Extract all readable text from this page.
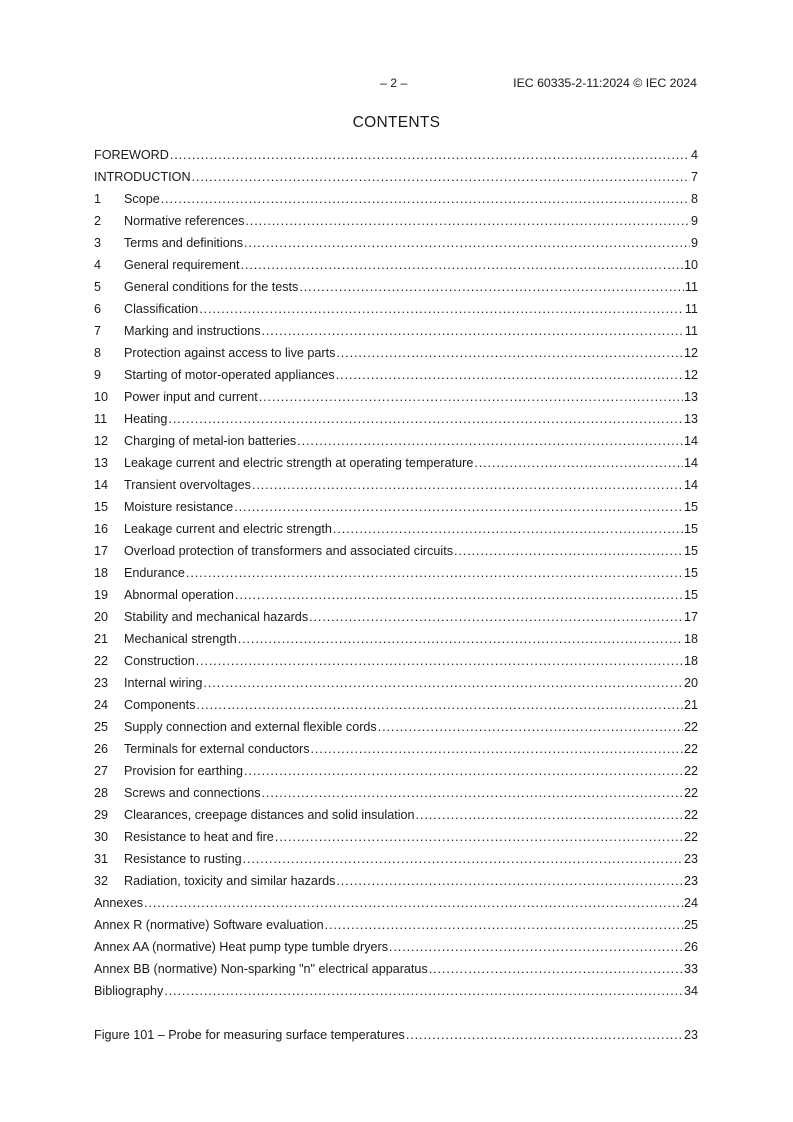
– 2 –	IEC 60335-2-11:2024 © IEC 2024
CONTENTS
FOREWORD .....	4
INTRODUCTION .....	7
1	Scope .....	8
2	Normative references .....	9
3	Terms and definitions .....	9
4	General requirement .....	10
5	General conditions for the tests .....	11
6	Classification .....	11
7	Marking and instructions .....	11
8	Protection against access to live parts .....	12
9	Starting of motor-operated appliances .....	12
10	Power input and current .....	13
11	Heating .....	13
12	Charging of metal-ion batteries .....	14
13	Leakage current and electric strength at operating temperature .....	14
14	Transient overvoltages .....	14
15	Moisture resistance .....	15
16	Leakage current and electric strength .....	15
17	Overload protection of transformers and associated circuits .....	15
18	Endurance .....	15
19	Abnormal operation .....	15
20	Stability and mechanical hazards .....	17
21	Mechanical strength .....	18
22	Construction .....	18
23	Internal wiring .....	20
24	Components .....	21
25	Supply connection and external flexible cords .....	22
26	Terminals for external conductors .....	22
27	Provision for earthing .....	22
28	Screws and connections .....	22
29	Clearances, creepage distances and solid insulation .....	22
30	Resistance to heat and fire .....	22
31	Resistance to rusting .....	23
32	Radiation, toxicity and similar hazards .....	23
Annexes .....	24
Annex R (normative) Software evaluation .....	25
Annex AA (normative) Heat pump type tumble dryers .....	26
Annex BB (normative) Non-sparking "n" electrical apparatus .....	33
Bibliography .....	34
Figure 101 – Probe for measuring surface temperatures .....	23
